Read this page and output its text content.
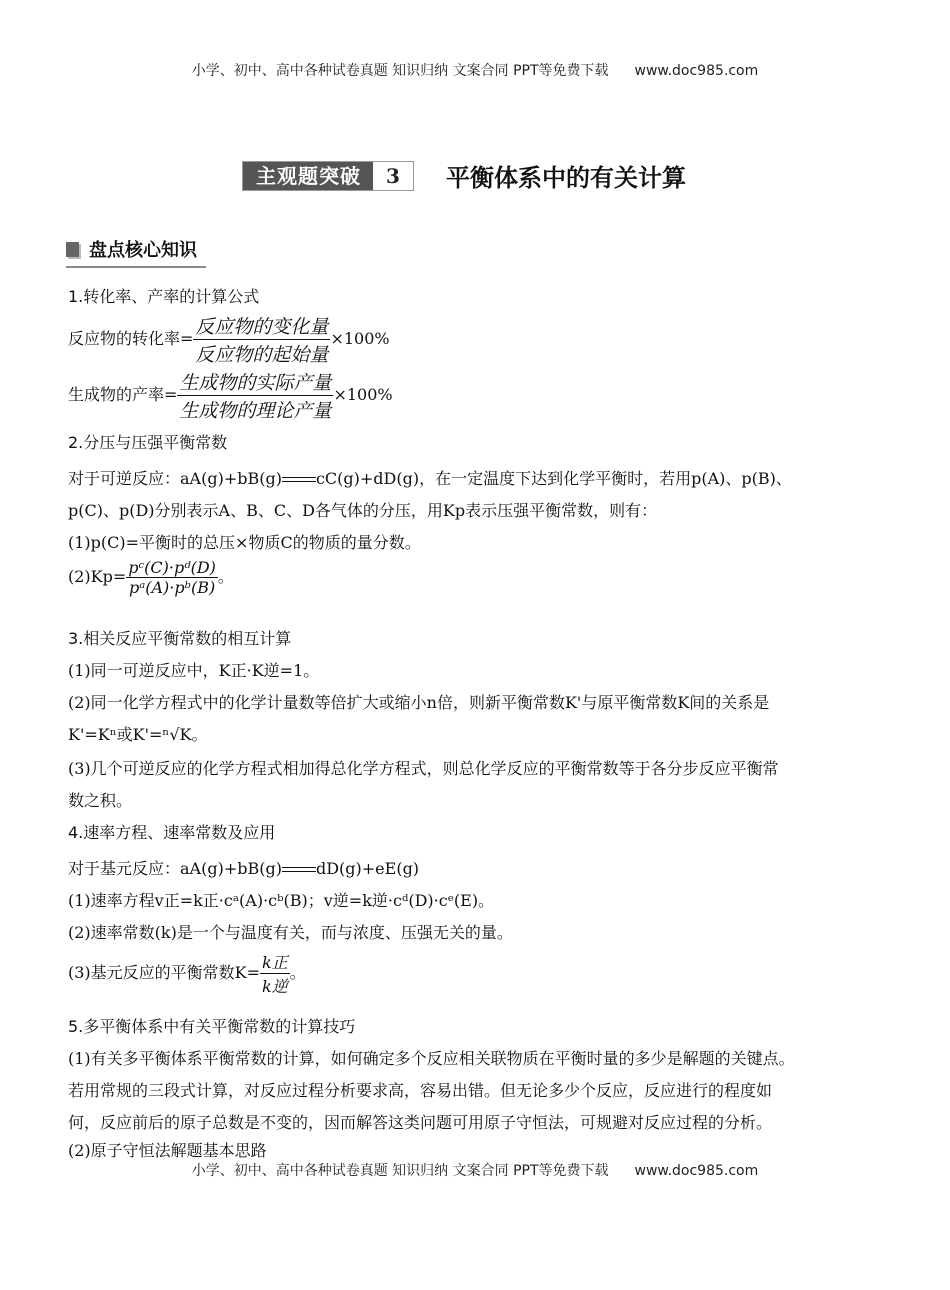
小学、初中、高中各种试卷真题 知识归纳 文案合同 PPT等免费下载 www.doc985.com
主观题突破	3	平衡体系中的有关计算
盘点核心知识
1.转化率、产率的计算公式
反应物的转化率= $\frac{\text{反应物的变化量}}{\text{反应物的起始量}} \times 100\%$
生成物的产率= $\frac{\text{生成物的实际产量}}{\text{生成物的理论产量}} \times 100\%$
2.分压与压强平衡常数
对于可逆反应：aA(g)+bB(g) cC(g)+dD(g)，在一定温度下达到化学平衡时，若用p(A)、p(B)、
p(C)、p(D)分别表示A、B、C、D各气体的分压，用Kp表示压强平衡常数，则有：
(1)p(C)=平衡时的总压×物质C的物质的量分数。
$(2)Kp= \frac{\text{pᶜ(C)·pᵈ(D)}}{\text{pᵃ(A)·pᵇ(B)}}$ 。
3.相关反应平衡常数的相互计算
(1)同一可逆反应中，K正·K逆=1。
(2)同一化学方程式中的化学计量数等倍扩大或缩小n倍，则新平衡常数K'与原平衡常数K间的关系是
K'=Kⁿ或K'=ⁿ√K。
(3)几个可逆反应的化学方程式相加得总化学方程式，则总化学反应的平衡常数等于各分步反应平衡常
数之积。
4.速率方程、速率常数及应用
对于基元反应：aA(g)+bB(g) dD(g)+eE(g)
(1)速率方程v正=k正·cᵃ(A)·cᵇ(B)；v逆=k逆·cᵈ(D)·cᵉ(E)。
(2)速率常数(k)是一个与温度有关，而与浓度、压强无关的量。
(3)基元反应的平衡常数$K= \frac{\text{k正}}{\text{k逆}}$ 。
5.多平衡体系中有关平衡常数的计算技巧
(1)有关多平衡体系平衡常数的计算，如何确定多个反应相关联物质在平衡时量的多少是解题的关键点。
若用常规的三段式计算，对反应过程分析要求高，容易出错。但无论多少个反应，反应进行的程度如
何，反应前后的原子总数是不变的，因而解答这类问题可用原子守恒法，可规避对反应过程的分析。
(2)原子守恒法解题基本思路
小学、初中、高中各种试卷真题 知识归纳 文案合同 PPT等免费下载 www.doc985.com
